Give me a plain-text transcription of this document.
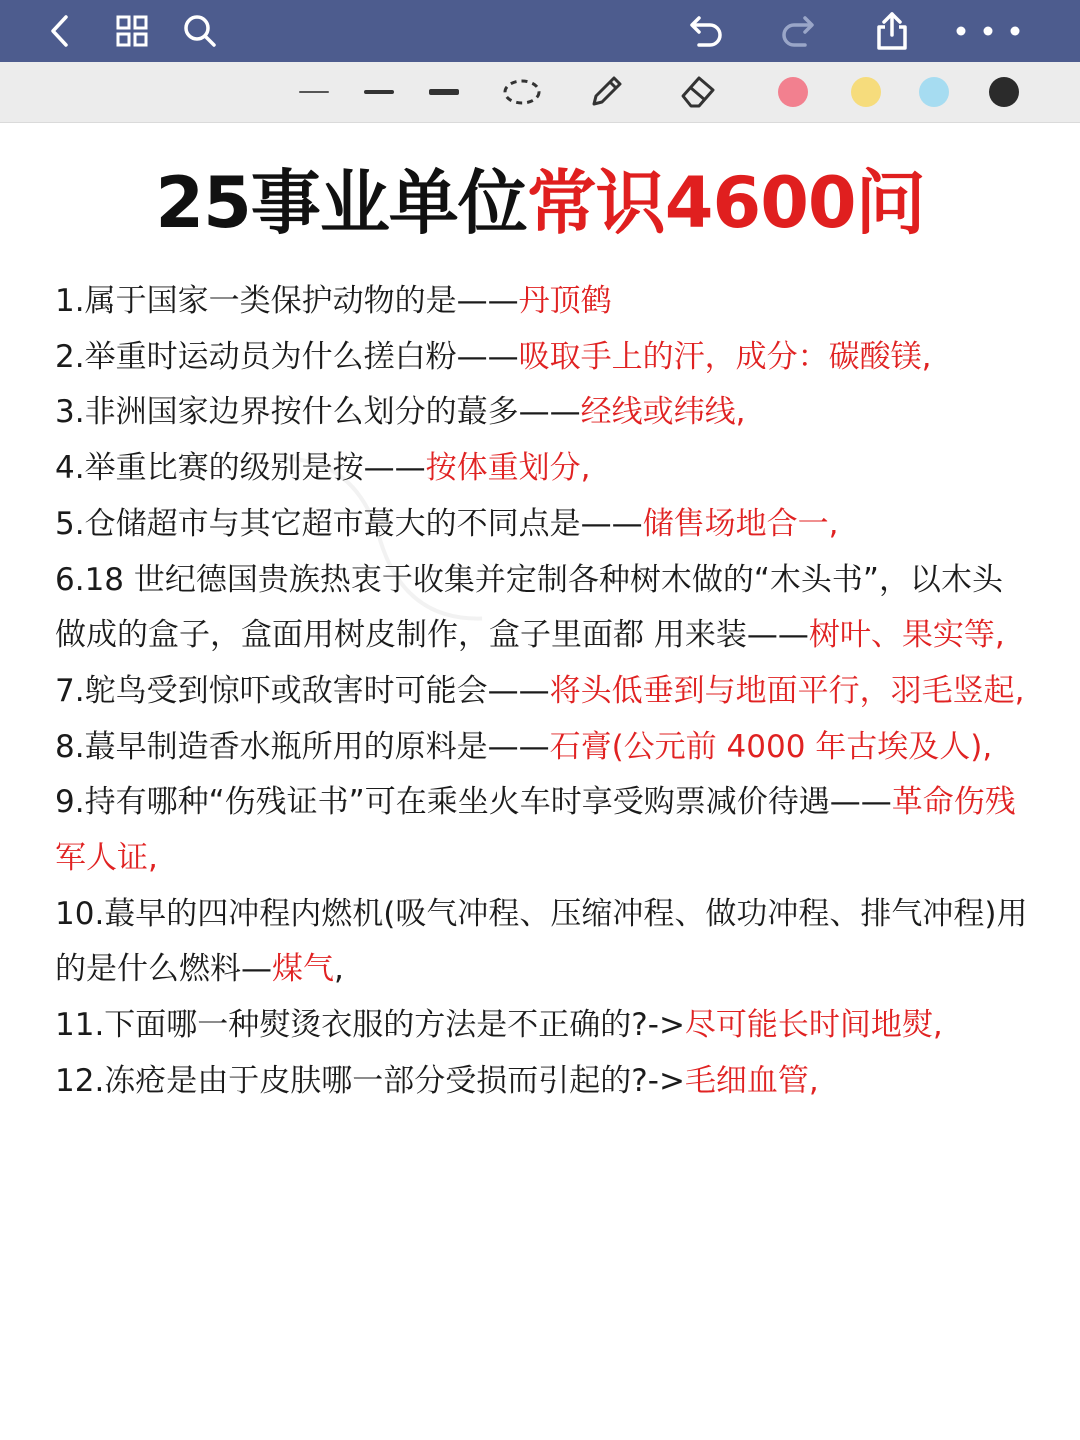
25事业单位常识4600问

1.属于国家一类保护动物的是——丹顶鹤

2.举重时运动员为什么搓白粉——吸取手上的汗，成分：碳酸镁,

3.非洲国家边界按什么划分的蕞多——经线或纬线,

4.举重比赛的级别是按——按体重划分,

5.仓储超市与其它超市蕞大的不同点是——储售场地合一,

6.18 世纪德国贵族热衷于收集并定制各种树木做的“木头书”，以木头做成的盒子，盒面用树皮制作，盒子里面都 用来装——树叶、果实等,

7.鸵鸟受到惊吓或敌害时可能会——将头低垂到与地面平行，羽毛竖起,

8.蕞早制造香水瓶所用的原料是——石膏(公元前 4000 年古埃及人),

9.持有哪种“伤残证书”可在乘坐火车时享受购票减价待遇——革命伤残军人证,

10.蕞早的四冲程内燃机(吸气冲程、压缩冲程、做功冲程、排气冲程)用的是什么燃料—煤气,

11.下面哪一种熨烫衣服的方法是不正确的?->尽可能长时间地熨,

12.冻疮是由于皮肤哪一部分受损而引起的?->毛细血管,
